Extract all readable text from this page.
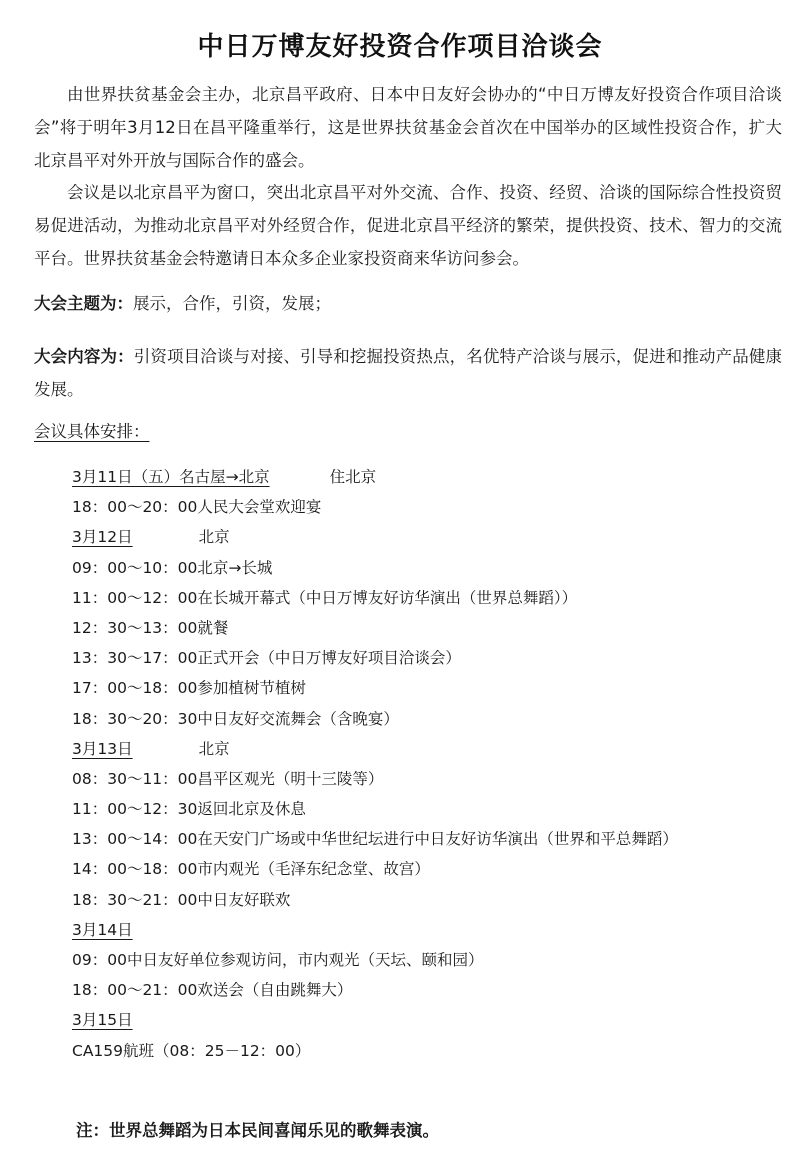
中日万博友好投资合作项目洽谈会

由世界扶贫基金会主办，北京昌平政府、日本中日友好会协办的“中日万博友好投资合作项目洽谈会”将于明年3月12日在昌平隆重举行，这是世界扶贫基金会首次在中国举办的区域性投资合作，扩大北京昌平对外开放与国际合作的盛会。

会议是以北京昌平为窗口，突出北京昌平对外交流、合作、投资、经贸、洽谈的国际综合性投资贸易促进活动，为推动北京昌平对外经贸合作，促进北京昌平经济的繁荣，提供投资、技术、智力的交流平台。世界扶贫基金会特邀请日本众多企业家投资商来华访问参会。

大会主题为：展示，合作，引资，发展；

大会内容为：引资项目洽谈与对接、引导和挖掘投资热点，名优特产洽谈与展示，促进和推动产品健康发展。

会议具体安排：
3月11日（五）名古屋→北京	住北京
18：00～20：00人民大会堂欢迎宴
3月12日	北京
09：00～10：00北京→长城
11：00～12：00在长城开幕式（中日万博友好访华演出（世界总舞蹈））
12：30～13：00就餐
13：30～17：00正式开会（中日万博友好项目洽谈会）
17：00～18：00参加植树节植树
18：30～20：30中日友好交流舞会（含晚宴）
3月13日	北京
08：30～11：00昌平区观光（明十三陵等）
11：00～12：30返回北京及休息
13：00～14：00在天安门广场或中华世纪坛进行中日友好访华演出（世界和平总舞蹈）
14：00～18：00市内观光（毛泽东纪念堂、故宫）
18：30～21：00中日友好联欢
3月14日
09：00中日友好单位参观访问，市内观光（天坛、颐和园）
18：00～21：00欢送会（自由跳舞大）
3月15日
CA159航班（08：25－12：00）
注：世界总舞蹈为日本民间喜闻乐见的歌舞表演。
